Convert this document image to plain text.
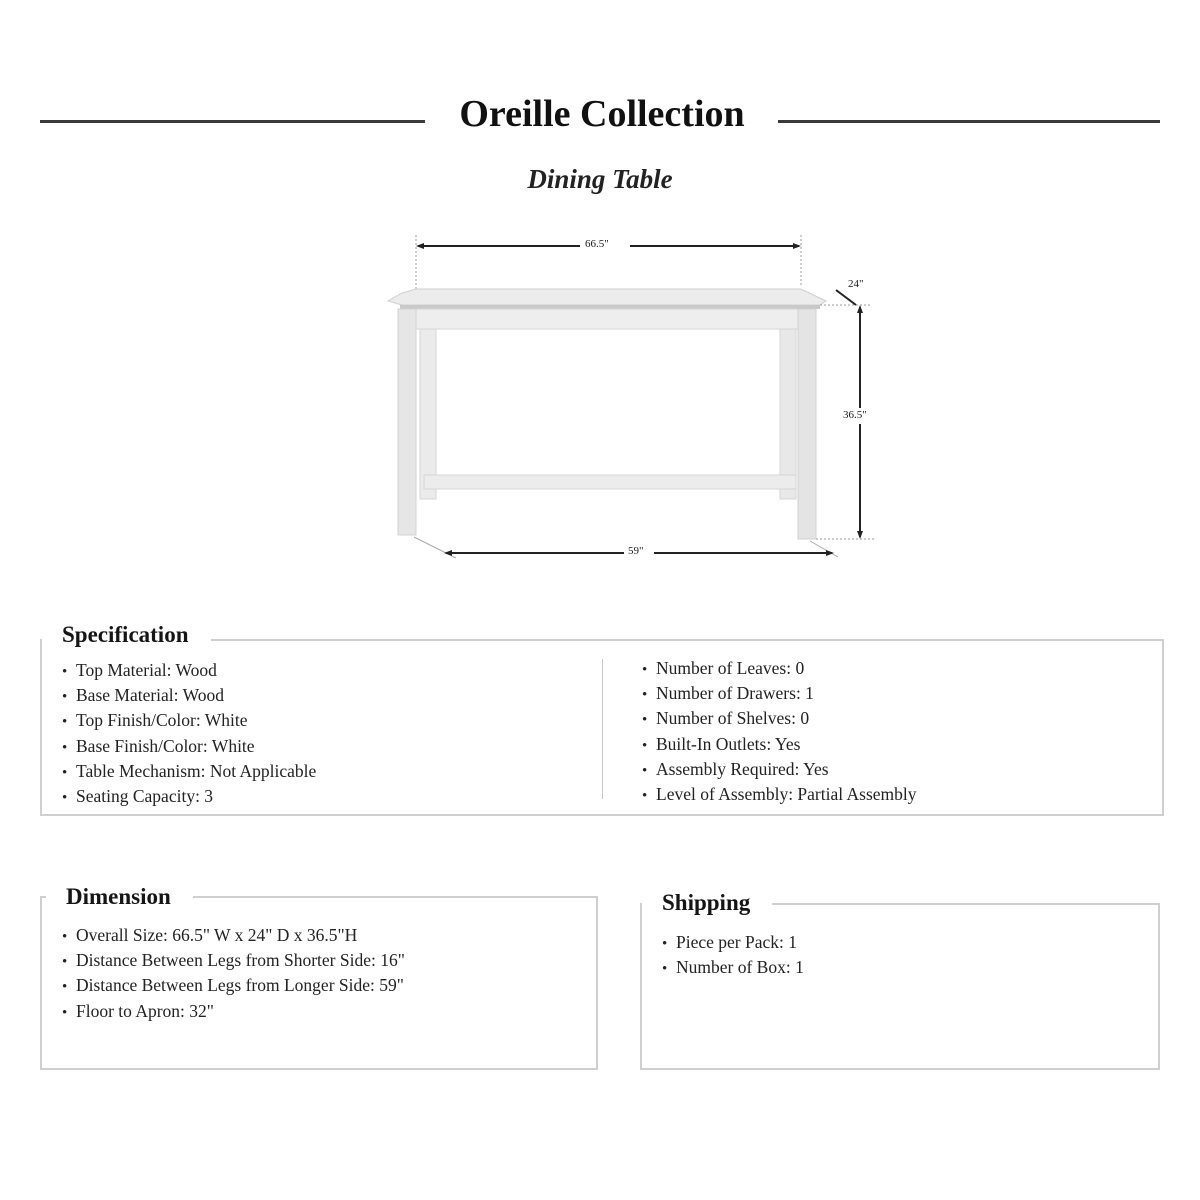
Oreille Collection
Dining Table
66.5"
24"
36.5"
59"
Specification
• Top Material: Wood
• Base Material: Wood
• Top Finish/Color: White
• Base Finish/Color: White
• Table Mechanism: Not Applicable
• Seating Capacity: 3
• Number of Leaves: 0
• Number of Drawers: 1
• Number of Shelves: 0
• Built-In Outlets: Yes
• Assembly Required: Yes
• Level of Assembly: Partial Assembly
Dimension
• Overall Size: 66.5" W x 24" D x 36.5"H
• Distance Between Legs from Shorter Side: 16"
• Distance Between Legs from Longer Side: 59"
• Floor to Apron: 32"
Shipping
• Piece per Pack: 1
• Number of Box: 1
